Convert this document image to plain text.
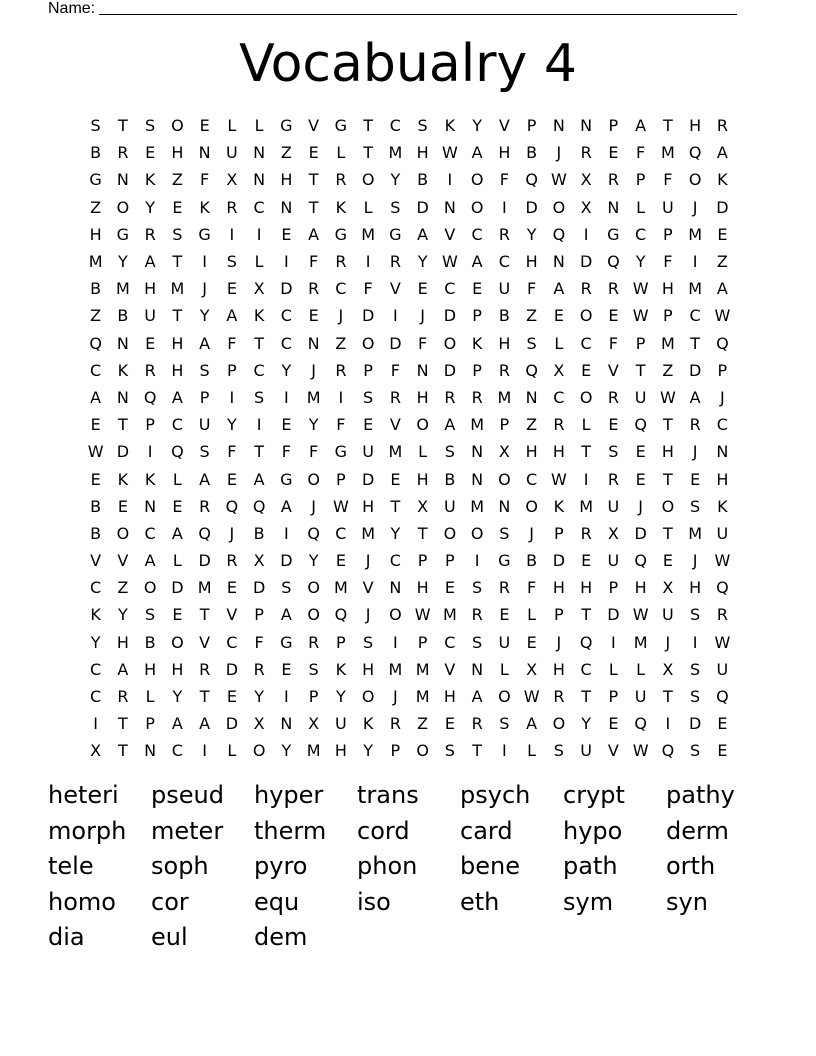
Name:
Vocabualry 4
S	T	S O E	L	L	G V G	T	C	S	K	Y	V	P	N N	P	A	T	H R
B	R	E	H N U N Z	E	L	T M H W A H B	J	R	E	F M Q A
G N	K	Z	F	X N H	T	R O	Y	B	I	O	F	Q W X	R	P	F	O K
Z O	Y	E	K	R	C N	T	K	L	S	D N O	I	D O X N	L	U	J	D
H G R	S G	I	I	E	A G M G A	V	C	R	Y	Q	I	G C	P M E
M Y	A	T	I	S	L	I	F	R	I	R	Y W A	C H N D Q	Y	F	I	Z
B M H M	J	E	X D R	C	F	V	E	C	E	U	F	A	R	R W H M A
Z	B U	T	Y	A	K	C	E	J	D	I	J	D	P	B	Z	E O E W P	C W
Q N	E	H A	F	T	C N Z O D	F	O K H	S	L	C	F	P M T	Q
C	K	R H	S	P	C	Y	J	R	P	F	N D	P	R Q X	E	V	T	Z D	P
A N Q A	P	I	S	I	M	I	S	R H R	R M N C O R U W A	J
E	T	P	C U	Y	I	E	Y	F	E	V O A M P	Z	R	L	E Q	T	R	C
W D	I	Q S	F	T	F	F	G U M L	S	N X H H	T	S	E	H	J	N
E	K	K	L	A	E	A G O	P	D	E	H B N O C W	I	R	E	T	E	H
B	E	N	E	R Q Q A	J	W H	T	X U M N O K M U	J	O S	K
B O C	A Q	J	B	I	Q C M Y	T	O O S	J	P	R	X D	T M U
V	V	A	L	D R	X D	Y	E	J	C	P	P	I	G B D	E	U Q E	J	W
C	Z O D M E	D	S O M V N H	E	S	R	F	H H	P	H X H Q
K	Y	S	E	T	V	P	A O Q	J	O W M R	E	L	P	T	D W U	S	R
Y	H B O V	C	F	G R	P	S	I	P	C	S	U	E	J	Q	I	M	J	I	W
C	A H H R D R	E	S	K H M M V N	L	X H C	L	L	X	S	U
C	R	L	Y	T	E	Y	I	P	Y	O	J	M H A O W R	T	P	U	T	S Q
I	T	P	A	A D X N X U	K	R	Z	E	R	S	A O	Y	E Q	I	D	E
X	T	N C	I	L	O	Y M H	Y	P	O S	T	I	L	S	U V W Q S	E
heteri	pseud	hyper	trans	psych	crypt	pathy
morph	meter	therm	cord	card	hypo	derm
tele	soph	pyro	phon	bene	path	orth
homo	cor	equ	iso	eth	sym	syn
dia	eul	dem
